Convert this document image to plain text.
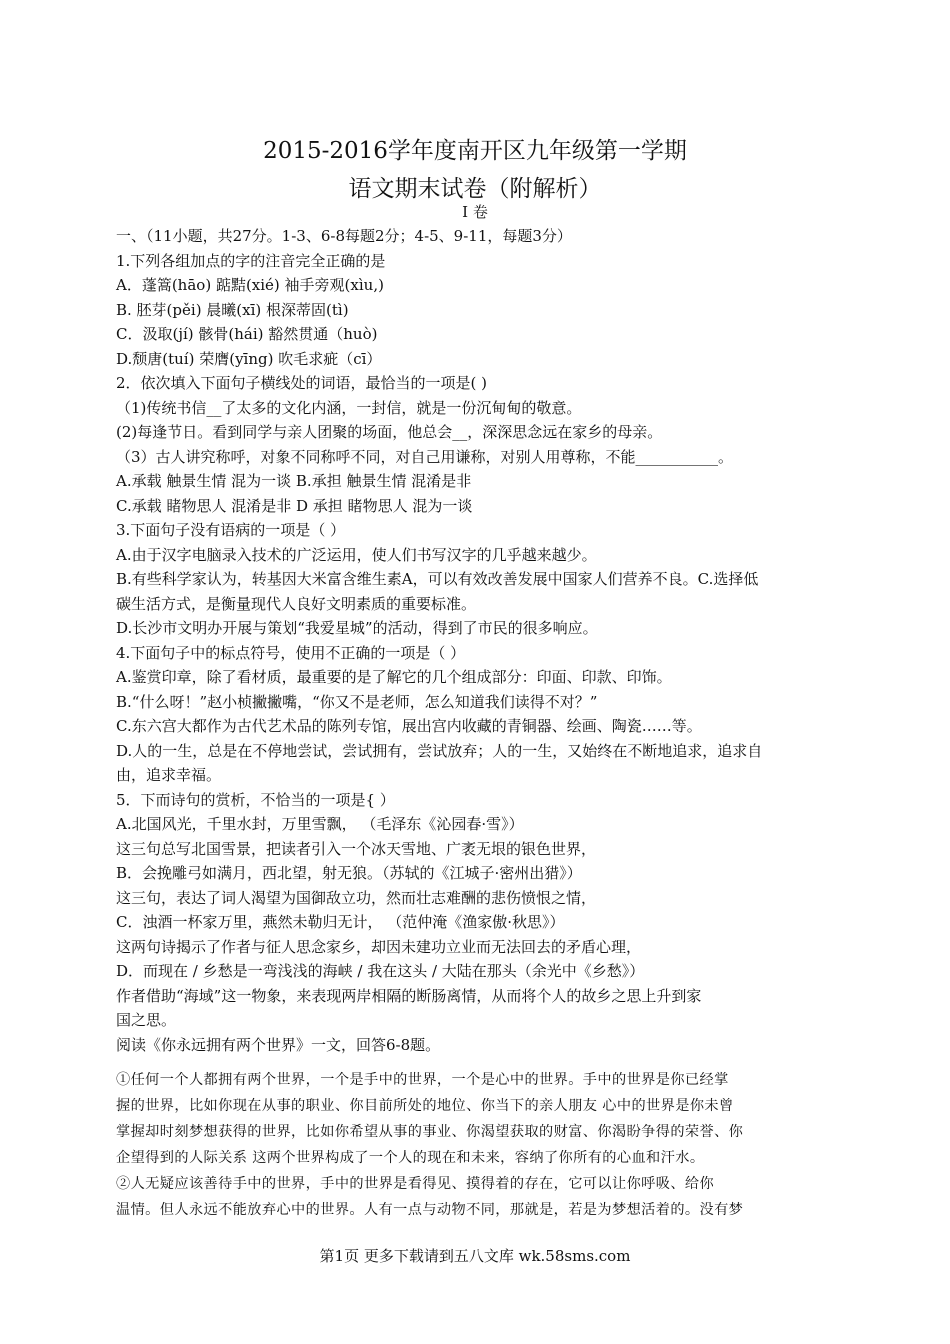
2015-2016学年度南开区九年级第一学期
语文期末试卷（附解析）
Ⅰ 卷
一、（11小题，共27分。1-3、6-8每题2分；4-5、9-11，每题3分）
1.下列各组加点的字的注音完全正确的是
A．蓬篙(hāo) 踮黠(xié) 袖手旁观(xìu,)
B. 胚芽(pěi) 晨曦(xī) 根深蒂固(tì)
C．汲取(jí) 骸骨(hái) 豁然贯通（huò)
D.颓唐(tuí) 荣膺(yīng) 吹毛求疵（cī）
2．依次填入下面句子横线处的词语，最恰当的一项是( )
（1)传统书信__了太多的文化内涵，一封信，就是一份沉甸甸的敬意。
(2)每逢节日。看到同学与亲人团聚的场面，他总会__，深深思念远在家乡的母亲。
（3）古人讲究称呼，对象不同称呼不同，对自己用谦称，对别人用尊称，不能___________。
A.承载 触景生情 混为一谈 B.承担 触景生情 混淆是非
C.承载 睹物思人 混淆是非 D 承担 睹物思人 混为一谈
3.下面句子没有语病的一项是（ ）
A.由于汉字电脑录入技术的广泛运用，使人们书写汉字的几乎越来越少。
B.有些科学家认为，转基因大米富含维生素A，可以有效改善发展中国家人们营养不良。C.选择低
碳生活方式，是衡量现代人良好文明素质的重要标准。
D.长沙市文明办开展与策划“我爱星城”的活动，得到了市民的很多响应。
4.下面句子中的标点符号，使用不正确的一项是（ ）
A.鉴赏印章，除了看材质，最重要的是了解它的几个组成部分：印面、印款、印饰。
B.“什么呀！”赵小桢撇撇嘴，“你又不是老师，怎么知道我们读得不对？”
C.东六宫大都作为古代艺术品的陈列专馆，展出宫内收藏的青铜器、绘画、陶瓷……等。
D.人的一生，总是在不停地尝试，尝试拥有，尝试放弃；人的一生，又始终在不断地追求，追求自
由，追求幸福。
5．下而诗句的赏析，不恰当的一项是{ ）
A.北国风光，千里水封，万里雪飘， （毛泽东《沁园春·雪》）
这三句总写北国雪景，把读者引入一个冰天雪地、广袤无垠的银色世界，
B．会挽雕弓如满月，西北望，射无狼。（苏轼的《江城子·密州出猎》）
这三句，表达了词人渴望为国御敌立功，然而壮志难酬的悲伤愤恨之情，
C．浊酒一杯家万里，燕然未勒归无计， （范仲淹《渔家傲·秋思》）
这两句诗揭示了作者与征人思念家乡，却因未建功立业而无法回去的矛盾心理，
D．而现在 / 乡愁是一弯浅浅的海峡 / 我在这头 / 大陆在那头（余光中《乡愁》）
作者借助“海域”这一物象，来表现两岸相隔的断肠离情，从而将个人的故乡之思上升到家
国之思。
阅读《你永远拥有两个世界》一文，回答6-8题。
①任何一个人都拥有两个世界，一个是手中的世界，一个是心中的世界。手中的世界是你已经掌
握的世界，比如你现在从事的职业、你目前所处的地位、你当下的亲人朋友 心中的世界是你未曾
掌握却时刻梦想获得的世界，比如你希望从事的事业、你渴望获取的财富、你渴盼争得的荣誉、你
企望得到的人际关系 这两个世界构成了一个人的现在和未来，容纳了你所有的心血和汗水。
②人无疑应该善待手中的世界，手中的世界是看得见、摸得着的存在，它可以让你呼吸、给你
温情。但人永远不能放弃心中的世界。人有一点与动物不同，那就是，若是为梦想活着的。没有梦
第1页 更多下载请到五八文库 wk.58sms.com
